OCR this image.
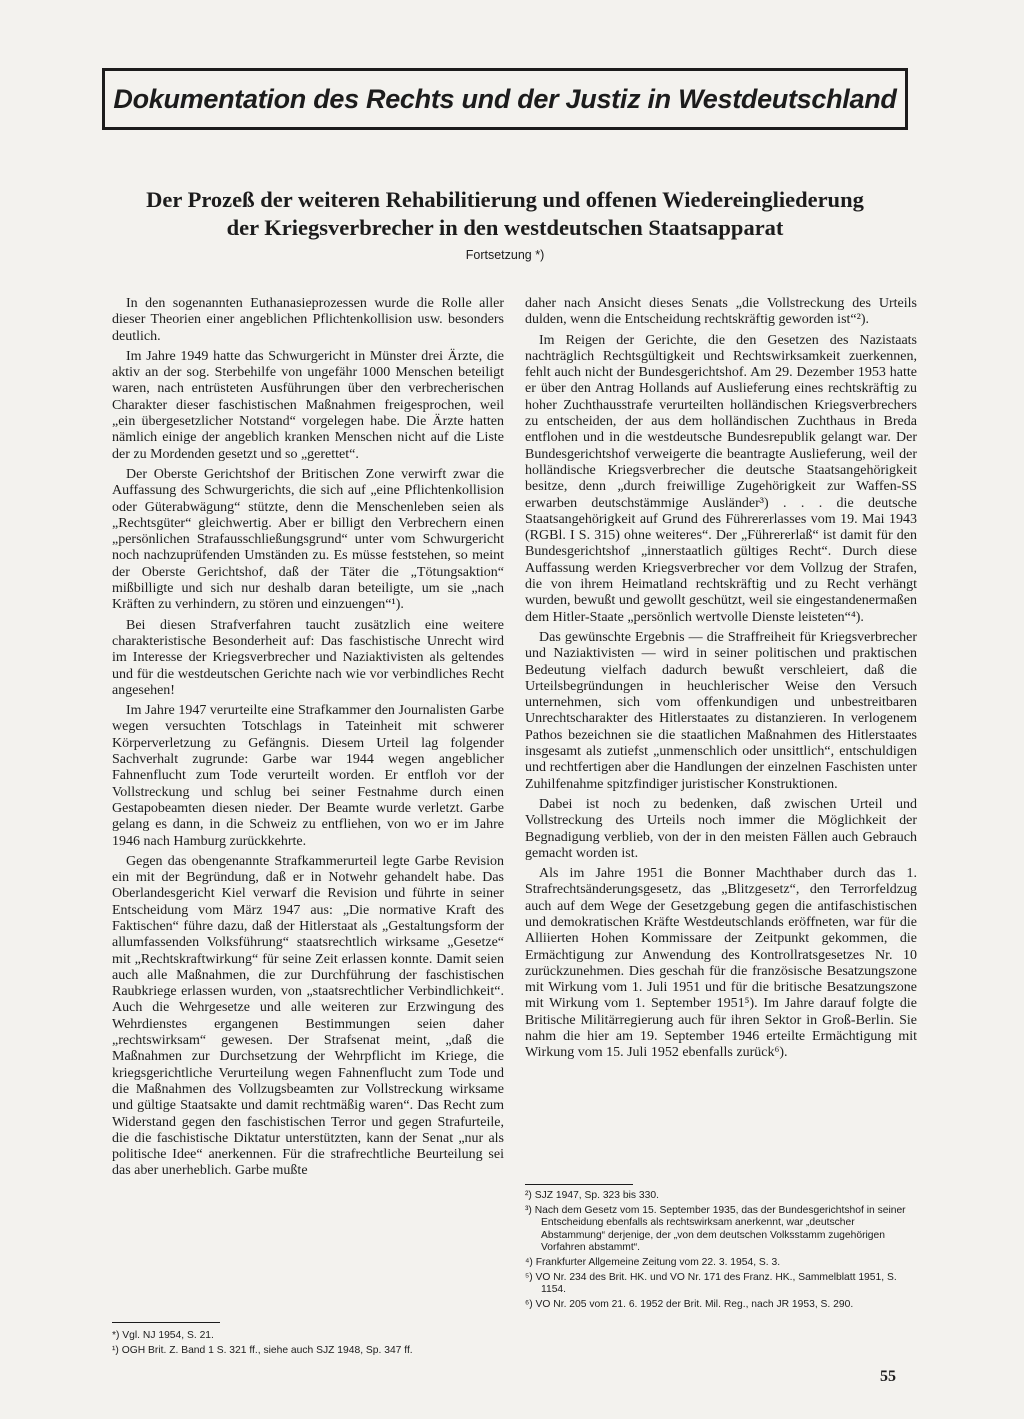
Dokumentation des Rechts und der Justiz in Westdeutschland
Der Prozeß der weiteren Rehabilitierung und offenen Wiedereingliederung
der Kriegsverbrecher in den westdeutschen Staatsapparat
Fortsetzung *)

In den sogenannten Euthanasieprozessen wurde die Rolle aller dieser Theorien einer angeblichen Pflichtenkollision usw. besonders deutlich.

Im Jahre 1949 hatte das Schwurgericht in Münster drei Ärzte, die aktiv an der sog. Sterbehilfe von ungefähr 1000 Menschen beteiligt waren, nach entrüsteten Ausführungen über den verbrecherischen Charakter dieser faschistischen Maßnahmen freigesprochen, weil „ein übergesetzlicher Notstand“ vorgelegen habe. Die Ärzte hatten nämlich einige der angeblich kranken Menschen nicht auf die Liste der zu Mordenden gesetzt und so „gerettet“.

Der Oberste Gerichtshof der Britischen Zone verwirft zwar die Auffassung des Schwurgerichts, die sich auf „eine Pflichtenkollision oder Güterabwägung“ stützte, denn die Menschenleben seien als „Rechtsgüter“ gleichwertig. Aber er billigt den Verbrechern einen „persönlichen Strafausschließungsgrund“ unter vom Schwurgericht noch nachzuprüfenden Umständen zu. Es müsse feststehen, so meint der Oberste Gerichtshof, daß der Täter die „Tötungsaktion“ mißbilligte und sich nur deshalb daran beteiligte, um sie „nach Kräften zu verhindern, zu stören und einzuengen“¹).

Bei diesen Strafverfahren taucht zusätzlich eine weitere charakteristische Besonderheit auf: Das faschistische Unrecht wird im Interesse der Kriegsverbrecher und Naziaktivisten als geltendes und für die westdeutschen Gerichte nach wie vor verbindliches Recht angesehen!

Im Jahre 1947 verurteilte eine Strafkammer den Journalisten Garbe wegen versuchten Totschlags in Tateinheit mit schwerer Körperverletzung zu Gefängnis. Diesem Urteil lag folgender Sachverhalt zugrunde: Garbe war 1944 wegen angeblicher Fahnenflucht zum Tode verurteilt worden. Er entfloh vor der Vollstreckung und schlug bei seiner Festnahme durch einen Gestapobeamten diesen nieder. Der Beamte wurde verletzt. Garbe gelang es dann, in die Schweiz zu entfliehen, von wo er im Jahre 1946 nach Hamburg zurückkehrte.

Gegen das obengenannte Strafkammerurteil legte Garbe Revision ein mit der Begründung, daß er in Notwehr gehandelt habe. Das Oberlandesgericht Kiel verwarf die Revision und führte in seiner Entscheidung vom März 1947 aus: „Die normative Kraft des Faktischen“ führe dazu, daß der Hitlerstaat als „Gestaltungsform der allumfassenden Volksführung“ staatsrechtlich wirksame „Gesetze“ mit „Rechtskraftwirkung“ für seine Zeit erlassen konnte. Damit seien auch alle Maßnahmen, die zur Durchführung der faschistischen Raubkriege erlassen wurden, von „staatsrechtlicher Verbindlichkeit“. Auch die Wehrgesetze und alle weiteren zur Erzwingung des Wehrdienstes ergangenen Bestimmungen seien daher „rechtswirksam“ gewesen. Der Strafsenat meint, „daß die Maßnahmen zur Durchsetzung der Wehrpflicht im Kriege, die kriegsgerichtliche Verurteilung wegen Fahnenflucht zum Tode und die Maßnahmen des Vollzugsbeamten zur Vollstreckung wirksame und gültige Staatsakte und damit rechtmäßig waren“. Das Recht zum Widerstand gegen den faschistischen Terror und gegen Strafurteile, die die faschistische Diktatur unterstützten, kann der Senat „nur als politische Idee“ anerkennen. Für die strafrechtliche Beurteilung sei das aber unerheblich. Garbe mußte

daher nach Ansicht dieses Senats „die Vollstreckung des Urteils dulden, wenn die Entscheidung rechtskräftig geworden ist“²).

Im Reigen der Gerichte, die den Gesetzen des Nazistaats nachträglich Rechtsgültigkeit und Rechtswirksamkeit zuerkennen, fehlt auch nicht der Bundesgerichtshof. Am 29. Dezember 1953 hatte er über den Antrag Hollands auf Auslieferung eines rechtskräftig zu hoher Zuchthausstrafe verurteilten holländischen Kriegsverbrechers zu entscheiden, der aus dem holländischen Zuchthaus in Breda entflohen und in die westdeutsche Bundesrepublik gelangt war. Der Bundesgerichtshof verweigerte die beantragte Auslieferung, weil der holländische Kriegsverbrecher die deutsche Staatsangehörigkeit besitze, denn „durch freiwillige Zugehörigkeit zur Waffen-SS erwarben deutschstämmige Ausländer³) . . . die deutsche Staatsangehörigkeit auf Grund des Führererlasses vom 19. Mai 1943 (RGBl. I S. 315) ohne weiteres“. Der „Führererlaß“ ist damit für den Bundesgerichtshof „innerstaatlich gültiges Recht“. Durch diese Auffassung werden Kriegsverbrecher vor dem Vollzug der Strafen, die von ihrem Heimatland rechtskräftig und zu Recht verhängt wurden, bewußt und gewollt geschützt, weil sie eingestandenermaßen dem Hitler-Staate „persönlich wertvolle Dienste leisteten“⁴).

Das gewünschte Ergebnis — die Straffreiheit für Kriegsverbrecher und Naziaktivisten — wird in seiner politischen und praktischen Bedeutung vielfach dadurch bewußt verschleiert, daß die Urteilsbegründungen in heuchlerischer Weise den Versuch unternehmen, sich vom offenkundigen und unbestreitbaren Unrechtscharakter des Hitlerstaates zu distanzieren. In verlogenem Pathos bezeichnen sie die staatlichen Maßnahmen des Hitlerstaates insgesamt als zutiefst „unmenschlich oder unsittlich“, entschuldigen und rechtfertigen aber die Handlungen der einzelnen Faschisten unter Zuhilfenahme spitzfindiger juristischer Konstruktionen.

Dabei ist noch zu bedenken, daß zwischen Urteil und Vollstreckung des Urteils noch immer die Möglichkeit der Begnadigung verblieb, von der in den meisten Fällen auch Gebrauch gemacht worden ist.

Als im Jahre 1951 die Bonner Machthaber durch das 1. Strafrechtsänderungsgesetz, das „Blitzgesetz“, den Terrorfeldzug auch auf dem Wege der Gesetzgebung gegen die antifaschistischen und demokratischen Kräfte Westdeutschlands eröffneten, war für die Alliierten Hohen Kommissare der Zeitpunkt gekommen, die Ermächtigung zur Anwendung des Kontrollratsgesetzes Nr. 10 zurückzunehmen. Dies geschah für die französische Besatzungszone mit Wirkung vom 1. Juli 1951 und für die britische Besatzungszone mit Wirkung vom 1. September 1951⁵). Im Jahre darauf folgte die Britische Militärregierung auch für ihren Sektor in Groß-Berlin. Sie nahm die hier am 19. September 1946 erteilte Ermächtigung mit Wirkung vom 15. Juli 1952 ebenfalls zurück⁶).

*) Vgl. NJ 1954, S. 21.
¹) OGH Brit. Z. Band 1 S. 321 ff., siehe auch SJZ 1948, Sp. 347 ff.
²) SJZ 1947, Sp. 323 bis 330.
³) Nach dem Gesetz vom 15. September 1935, das der Bundesgerichtshof in seiner Entscheidung ebenfalls als rechtswirksam anerkennt, war „deutscher Abstammung“ derjenige, der „von dem deutschen Volksstamm zugehörigen Vorfahren abstammt“.
⁴) Frankfurter Allgemeine Zeitung vom 22. 3. 1954, S. 3.
⁵) VO Nr. 234 des Brit. HK. und VO Nr. 171 des Franz. HK., Sammelblatt 1951, S. 1154.
⁶) VO Nr. 205 vom 21. 6. 1952 der Brit. Mil. Reg., nach JR 1953, S. 290.
55
